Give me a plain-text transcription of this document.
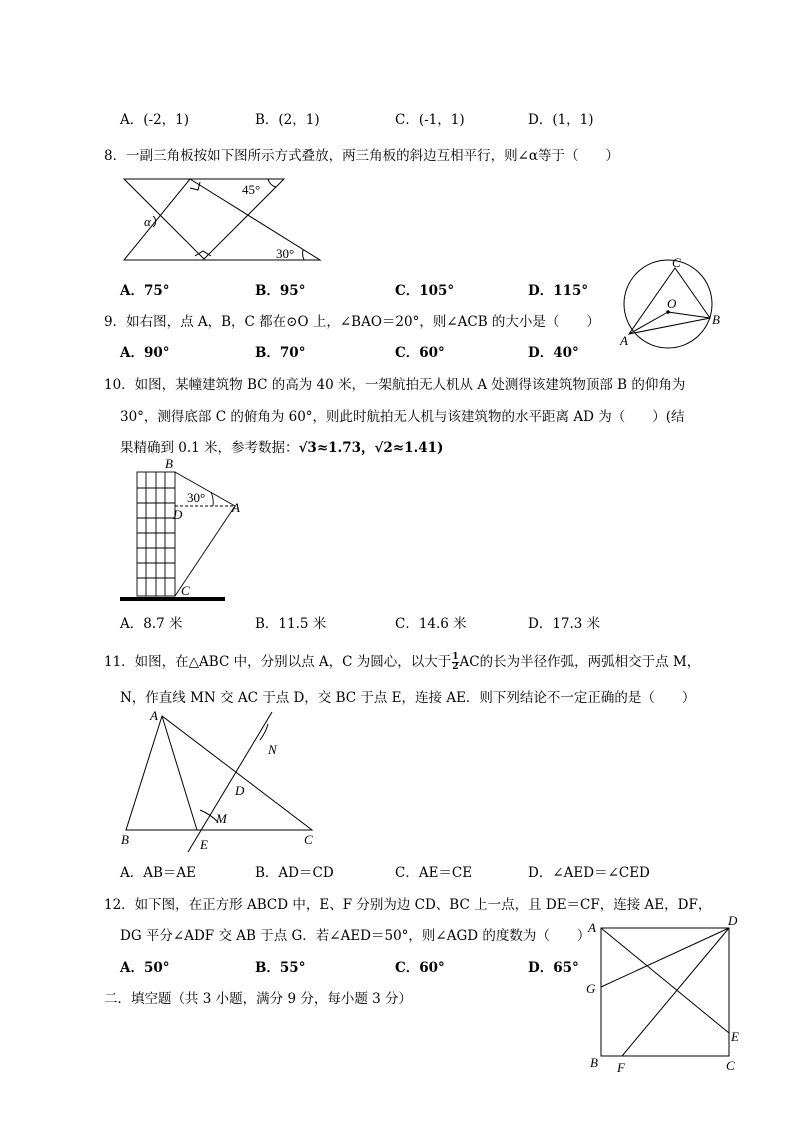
A．(-2，1)	B．(2，1)	C．(-1，1)	D．(1，1)
8．一副三角板按如下图所示方式叠放，两三角板的斜边互相平行，则∠α等于（　　）
45°
α
30°
A．75°	B．95°	C．105°	D．115°
C
O
B
A
9．如右图，点 A，B，C 都在⊙O 上，∠BAO＝20°，则∠ACB 的大小是（　　）
A．90°	B．70°	C．60°	D．40°
10．如图，某幢建筑物 BC 的高为 40 米，一架航拍无人机从 A 处测得该建筑物顶部 B 的仰角为
30°，测得底部 C 的俯角为 60°，则此时航拍无人机与该建筑物的水平距离 AD 为（　　）(结
果精确到 0.1 米，参考数据：√3≈1.73，√2≈1.41)
B
30°
D	A
C
A．8.7 米	B．11.5 米	C．14.6 米	D．17.3 米
11．如图，在△ABC 中，分别以点 A，C 为圆心，以大于 $\frac{1}{2}$ AC的长为半径作弧，两弧相交于点 M，
N，作直线 MN 交 AC 于点 D，交 BC 于点 E，连接 AE．则下列结论不一定正确的是（　　）
A
N
D
M
B	E	C
A．AB＝AE	B．AD＝CD	C．AE＝CE	D．∠AED＝∠CED
12．如下图，在正方形 ABCD 中，E、F 分别为边 CD、BC 上一点，且 DE＝CF，连接 AE，DF，
DG 平分∠ADF 交 AB 于点 G．若∠AED＝50°，则∠AGD 的度数为（　　）
A．50°	B．55°	C．60°	D．65°
A	D
G
E
B F	C
二．填空题（共 3 小题，满分 9 分，每小题 3 分）
